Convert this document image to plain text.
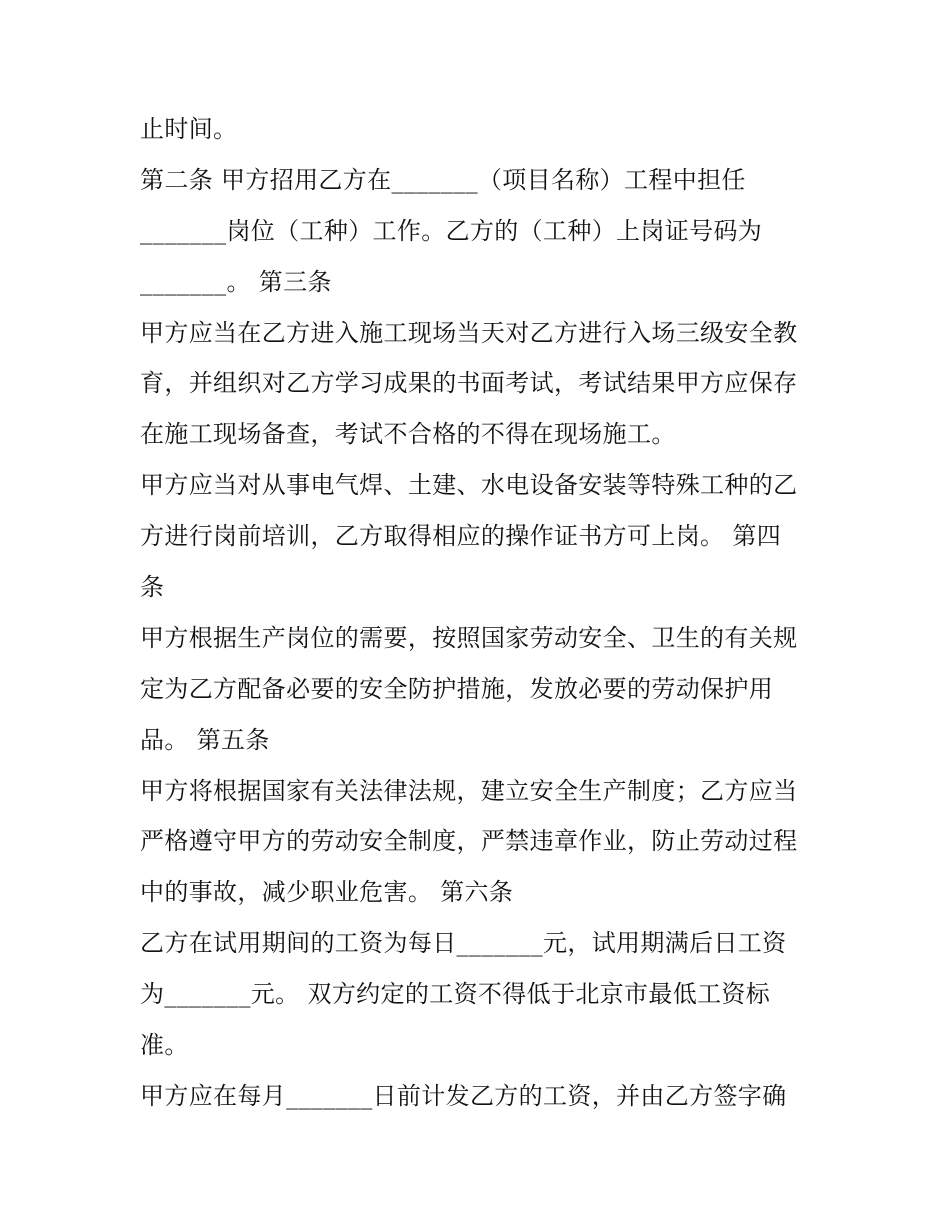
止时间。
第二条 甲方招用乙方在_______（项目名称）工程中担任
_______岗位（工种）工作。乙方的（工种）上岗证号码为
_______。 第三条
甲方应当在乙方进入施工现场当天对乙方进行入场三级安全教
育，并组织对乙方学习成果的书面考试，考试结果甲方应保存
在施工现场备查，考试不合格的不得在现场施工。
甲方应当对从事电气焊、土建、水电设备安装等特殊工种的乙
方进行岗前培训，乙方取得相应的操作证书方可上岗。 第四
条
甲方根据生产岗位的需要，按照国家劳动安全、卫生的有关规
定为乙方配备必要的安全防护措施，发放必要的劳动保护用
品。 第五条
甲方将根据国家有关法律法规，建立安全生产制度；乙方应当
严格遵守甲方的劳动安全制度，严禁违章作业，防止劳动过程
中的事故，减少职业危害。 第六条
乙方在试用期间的工资为每日_______元，试用期满后日工资
为_______元。 双方约定的工资不得低于北京市最低工资标
准。
甲方应在每月_______日前计发乙方的工资，并由乙方签字确
